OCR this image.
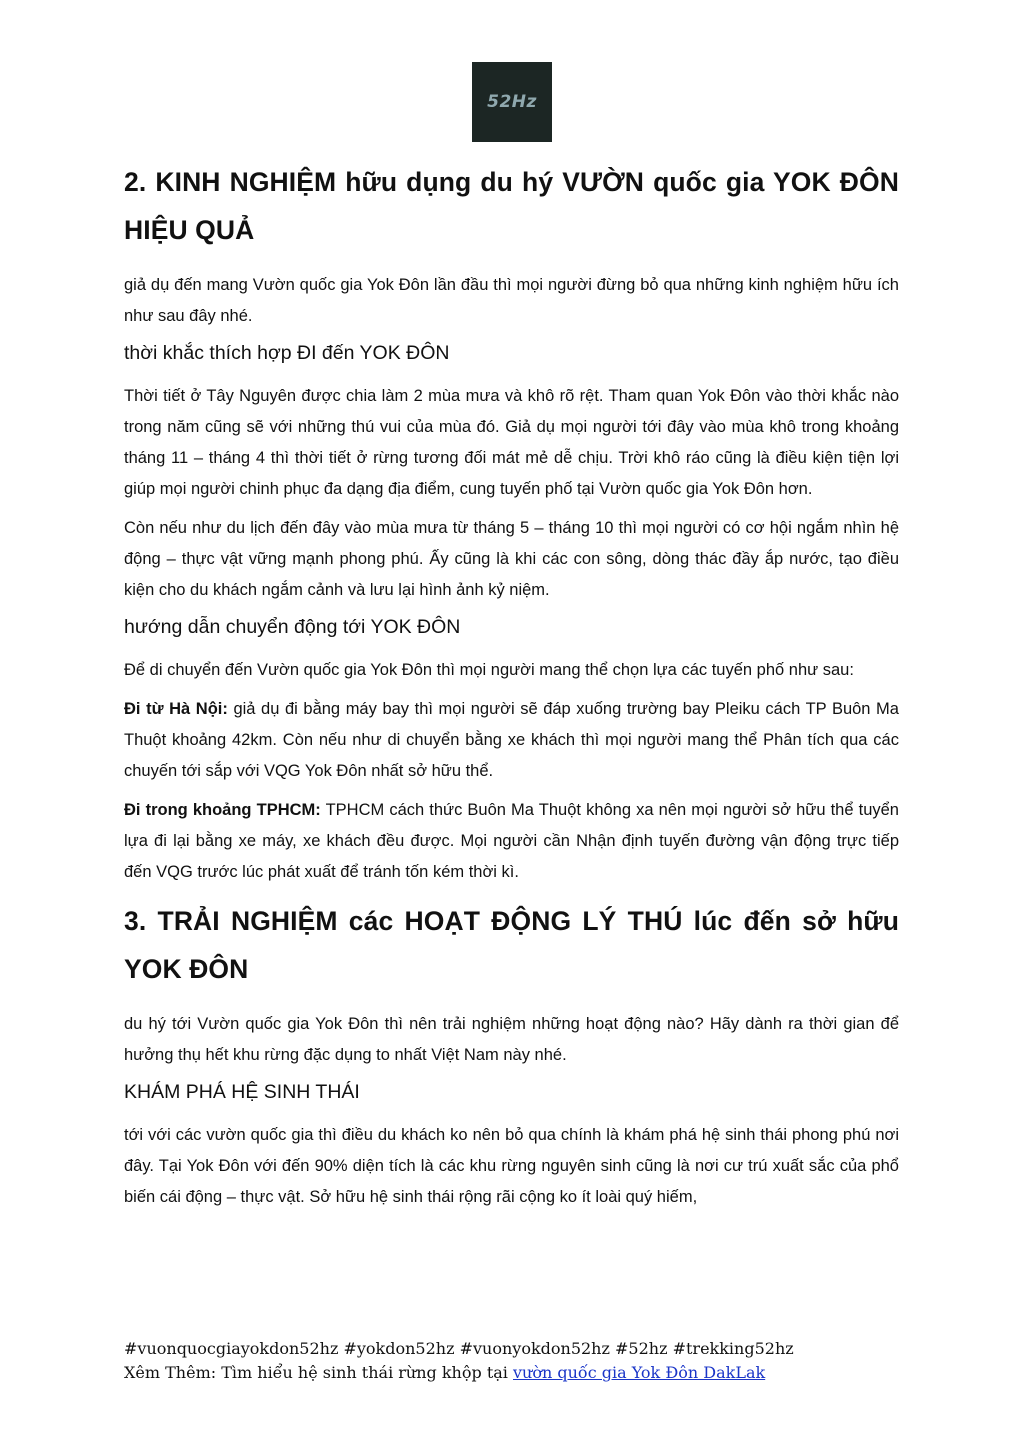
52Hz
2. KINH NGHIỆM hữu dụng du hý VƯỜN quốc gia YOK ĐÔN HIỆU QUẢ

giả dụ đến mang Vườn quốc gia Yok Đôn lần đầu thì mọi người đừng bỏ qua những kinh nghiệm hữu ích như sau đây nhé.

thời khắc thích hợp ĐI đến YOK ĐÔN

Thời tiết ở Tây Nguyên được chia làm 2 mùa mưa và khô rõ rệt. Tham quan Yok Đôn vào thời khắc nào trong năm cũng sẽ với những thú vui của mùa đó. Giả dụ mọi người tới đây vào mùa khô trong khoảng tháng 11 – tháng 4 thì thời tiết ở rừng tương đối mát mẻ dễ chịu. Trời khô ráo cũng là điều kiện tiện lợi giúp mọi người chinh phục đa dạng địa điểm, cung tuyến phố tại Vườn quốc gia Yok Đôn hơn.

Còn nếu như du lịch đến đây vào mùa mưa từ tháng 5 – tháng 10 thì mọi người có cơ hội ngắm nhìn hệ động – thực vật vững mạnh phong phú. Ấy cũng là khi các con sông, dòng thác đầy ắp nước, tạo điều kiện cho du khách ngắm cảnh và lưu lại hình ảnh kỷ niệm.

hướng dẫn chuyển động tới YOK ĐÔN

Để di chuyển đến Vườn quốc gia Yok Đôn thì mọi người mang thể chọn lựa các tuyến phố như sau:

Đi từ Hà Nội: giả dụ đi bằng máy bay thì mọi người sẽ đáp xuống trường bay Pleiku cách TP Buôn Ma Thuột khoảng 42km. Còn nếu như di chuyển bằng xe khách thì mọi người mang thể Phân tích qua các chuyến tới sắp với VQG Yok Đôn nhất sở hữu thể.

Đi trong khoảng TPHCM: TPHCM cách thức Buôn Ma Thuột không xa nên mọi người sở hữu thể tuyển lựa đi lại bằng xe máy, xe khách đều được. Mọi người cần Nhận định tuyến đường vận động trực tiếp đến VQG trước lúc phát xuất để tránh tốn kém thời kì.

3. TRẢI NGHIỆM các HOẠT ĐỘNG LÝ THÚ lúc đến sở hữu YOK ĐÔN

du hý tới Vườn quốc gia Yok Đôn thì nên trải nghiệm những hoạt động nào? Hãy dành ra thời gian để hưởng thụ hết khu rừng đặc dụng to nhất Việt Nam này nhé.

KHÁM PHÁ HỆ SINH THÁI

tới với các vườn quốc gia thì điều du khách ko nên bỏ qua chính là khám phá hệ sinh thái phong phú nơi đây. Tại Yok Đôn với đến 90% diện tích là các khu rừng nguyên sinh cũng là nơi cư trú xuất sắc của phổ biến cái động – thực vật. Sở hữu hệ sinh thái rộng rãi cộng ko ít loài quý hiếm,

#vuonquocgiayokdon52hz #yokdon52hz #vuonyokdon52hz #52hz #trekking52hz
Xêm Thêm: Tìm hiểu hệ sinh thái rừng khộp tại vườn quốc gia Yok Đôn DakLak
